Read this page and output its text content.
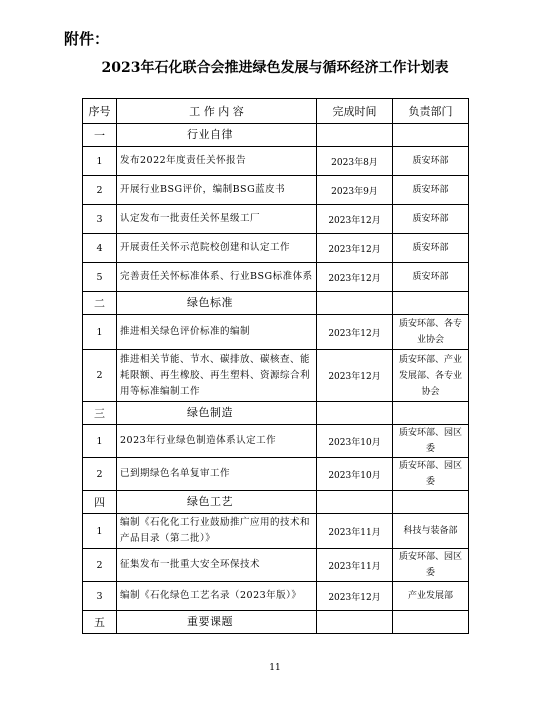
附件：
2023年石化联合会推进绿色发展与循环经济工作计划表
序号	工 作 内 容	完成时间	负责部门
一	行业自律		
1	发布2022年度责任关怀报告	2023年8月	质安环部
2	开展行业BSG评价，编制BSG蓝皮书	2023年9月	质安环部
3	认定发布一批责任关怀星级工厂	2023年12月	质安环部
4	开展责任关怀示范院校创建和认定工作	2023年12月	质安环部
5	完善责任关怀标准体系、行业BSG标准体系	2023年12月	质安环部
二	绿色标准		
1	推进相关绿色评价标准的编制	2023年12月	质安环部、各专业协会
2	推进相关节能、节水、碳排放、碳核查、能耗限额、再生橡胶、再生塑料、资源综合利用等标准编制工作	2023年12月	质安环部、产业发展部、各专业协会
三	绿色制造		
1	2023年行业绿色制造体系认定工作	2023年10月	质安环部、园区委
2	已到期绿色名单复审工作	2023年10月	质安环部、园区委
四	绿色工艺		
1	编制《石化化工行业鼓励推广应用的技术和产品目录（第二批）》	2023年11月	科技与装备部
2	征集发布一批重大安全环保技术	2023年11月	质安环部、园区委
3	编制《石化绿色工艺名录（2023年版）》	2023年12月	产业发展部
五	重要课题		
11
